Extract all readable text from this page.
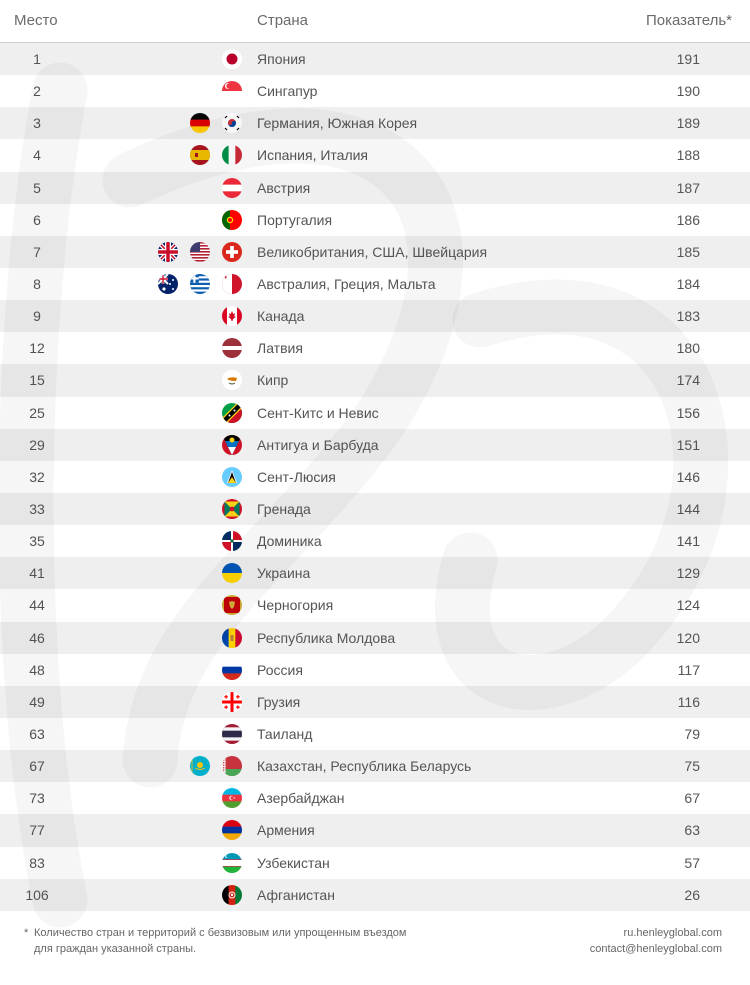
Место	Страна	Показатель*
1	Япония	191
2	Сингапур	190
3	Германия, Южная Корея	189
4	Испания, Италия	188
5	Австрия	187
6	Португалия	186
7	Великобритания, США, Швейцария	185
8	Австралия, Греция, Мальта	184
9	Канада	183
12	Латвия	180
15	Кипр	174
25	Сент-Китс и Невис	156
29	Антигуа и Барбуда	151
32	Сент-Люсия	146
33	Гренада	144
35	Доминика	141
41	Украина	129
44	Черногория	124
46	Республика Молдова	120
48	Россия	117
49	Грузия	116
63	Таиланд	79
67	Казахстан, Республика Беларусь	75
73	Азербайджан	67
77	Армения	63
83	Узбекистан	57
106	Афганистан	26
* Количество стран и территорий с безвизовым или упрощенным въездом
для граждан указанной страны.
ru.henleyglobal.com
contact@henleyglobal.com
